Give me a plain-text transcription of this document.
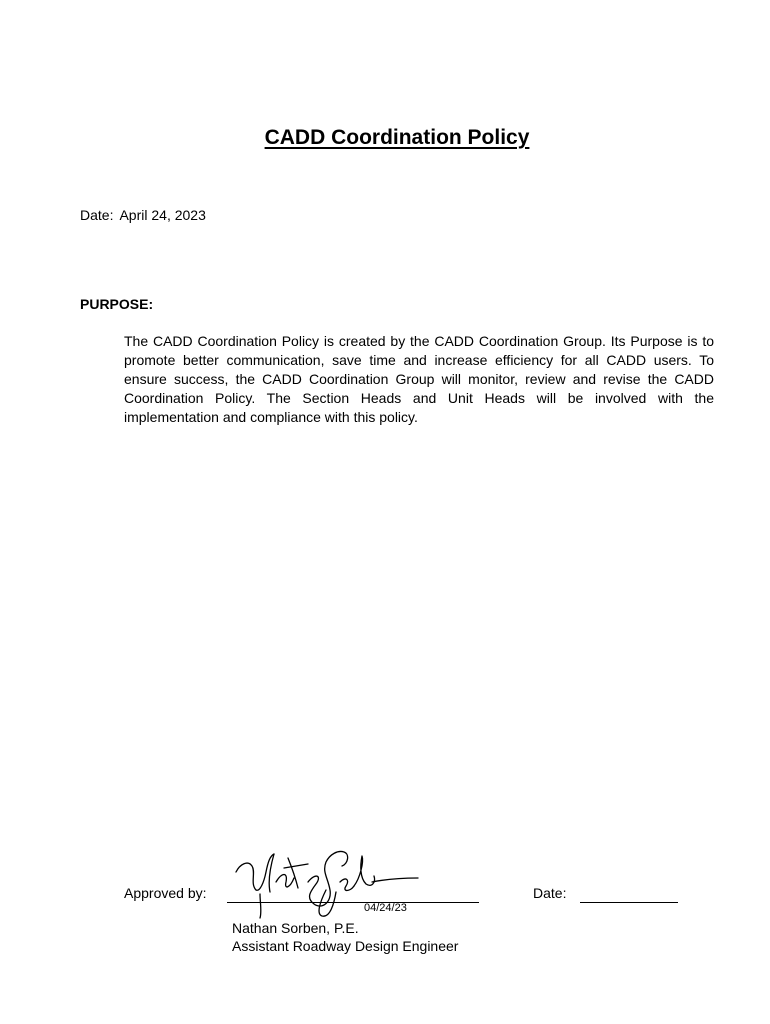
CADD Coordination Policy
Date: April 24, 2023
PURPOSE:
The CADD Coordination Policy is created by the CADD Coordination Group. Its Purpose is to promote better communication, save time and increase efficiency for all CADD users. To ensure success, the CADD Coordination Group will monitor, review and revise the CADD Coordination Policy. The Section Heads and Unit Heads will be involved with the implementation and compliance with this policy.
Approved by:
04/24/23
Date:
Nathan Sorben, P.E.
Assistant Roadway Design Engineer
